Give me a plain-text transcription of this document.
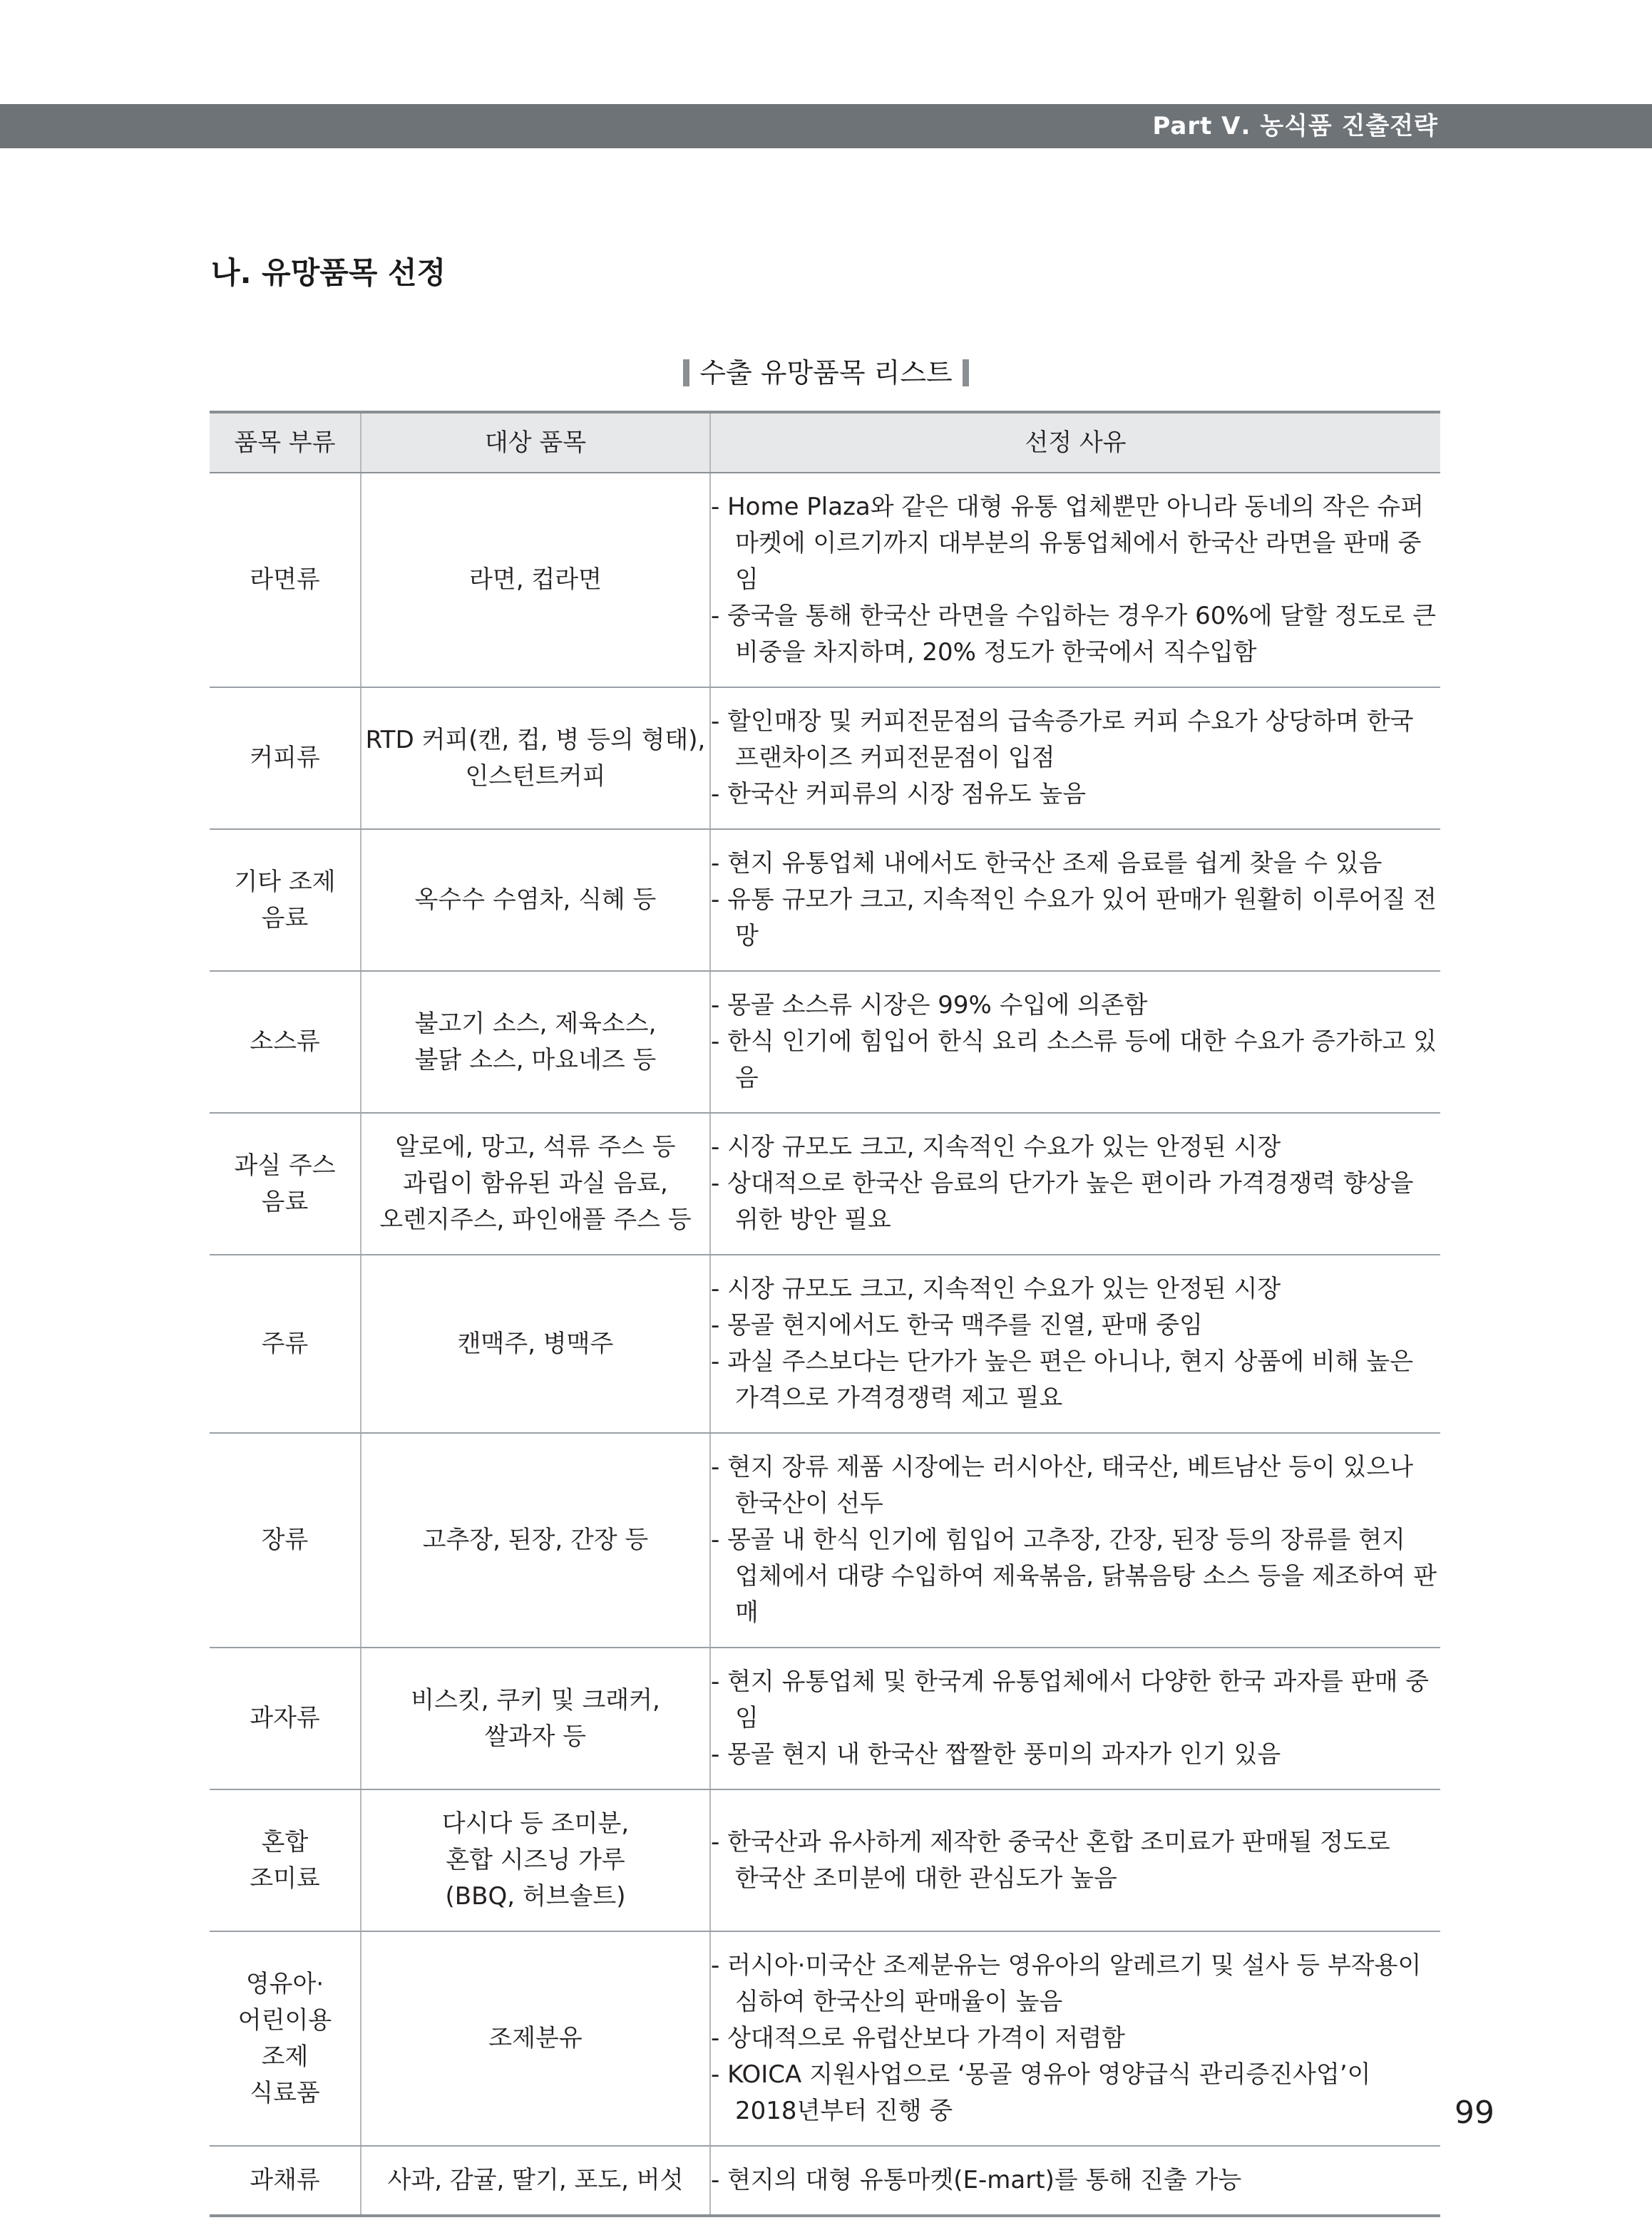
Part Ⅴ. 농식품 진출전략
나. 유망품목 선정
수출 유망품목 리스트
품목 부류	대상 품목	선정 사유

라면류	라면, 컵라면	- Home Plaza와 같은 대형 유통 업체뿐만 아니라 동네의 작은 슈퍼
마켓에 이르기까지 대부분의 유통업체에서 한국산 라면을 판매 중임
- 중국을 통해 한국산 라면을 수입하는 경우가 60%에 달할 정도로 큰
비중을 차지하며, 20% 정도가 한국에서 직수입함

커피류	RTD 커피(캔, 컵, 병 등의 형태),
인스턴트커피	- 할인매장 및 커피전문점의 급속증가로 커피 수요가 상당하며 한국
프랜차이즈 커피전문점이 입점
- 한국산 커피류의 시장 점유도 높음

기타 조제
음료	옥수수 수염차, 식혜 등	- 현지 유통업체 내에서도 한국산 조제 음료를 쉽게 찾을 수 있음
- 유통 규모가 크고, 지속적인 수요가 있어 판매가 원활히 이루어질 전망

소스류	불고기 소스, 제육소스,
불닭 소스, 마요네즈 등	- 몽골 소스류 시장은 99% 수입에 의존함
- 한식 인기에 힘입어 한식 요리 소스류 등에 대한 수요가 증가하고 있음

과실 주스
음료	알로에, 망고, 석류 주스 등
과립이 함유된 과실 음료,
오렌지주스, 파인애플 주스 등	- 시장 규모도 크고, 지속적인 수요가 있는 안정된 시장
- 상대적으로 한국산 음료의 단가가 높은 편이라 가격경쟁력 향상을
위한 방안 필요

주류	캔맥주, 병맥주	- 시장 규모도 크고, 지속적인 수요가 있는 안정된 시장
- 몽골 현지에서도 한국 맥주를 진열, 판매 중임
- 과실 주스보다는 단가가 높은 편은 아니나, 현지 상품에 비해 높은
가격으로 가격경쟁력 제고 필요

장류	고추장, 된장, 간장 등	- 현지 장류 제품 시장에는 러시아산, 태국산, 베트남산 등이 있으나
한국산이 선두
- 몽골 내 한식 인기에 힘입어 고추장, 간장, 된장 등의 장류를 현지
업체에서 대량 수입하여 제육볶음, 닭볶음탕 소스 등을 제조하여 판매

과자류	비스킷, 쿠키 및 크래커,
쌀과자 등	- 현지 유통업체 및 한국계 유통업체에서 다양한 한국 과자를 판매 중임
- 몽골 현지 내 한국산 짭짤한 풍미의 과자가 인기 있음

혼합
조미료	다시다 등 조미분,
혼합 시즈닝 가루
(BBQ, 허브솔트)	- 한국산과 유사하게 제작한 중국산 혼합 조미료가 판매될 정도로
한국산 조미분에 대한 관심도가 높음

영유아·
어린이용
조제
식료품	조제분유	- 러시아·미국산 조제분유는 영유아의 알레르기 및 설사 등 부작용이
심하여 한국산의 판매율이 높음
- 상대적으로 유럽산보다 가격이 저렴함
- KOICA 지원사업으로 ‘몽골 영유아 영양급식 관리증진사업’이
2018년부터 진행 중

과채류	사과, 감귤, 딸기, 포도, 버섯	- 현지의 대형 유통마켓(E-mart)를 통해 진출 가능
99
